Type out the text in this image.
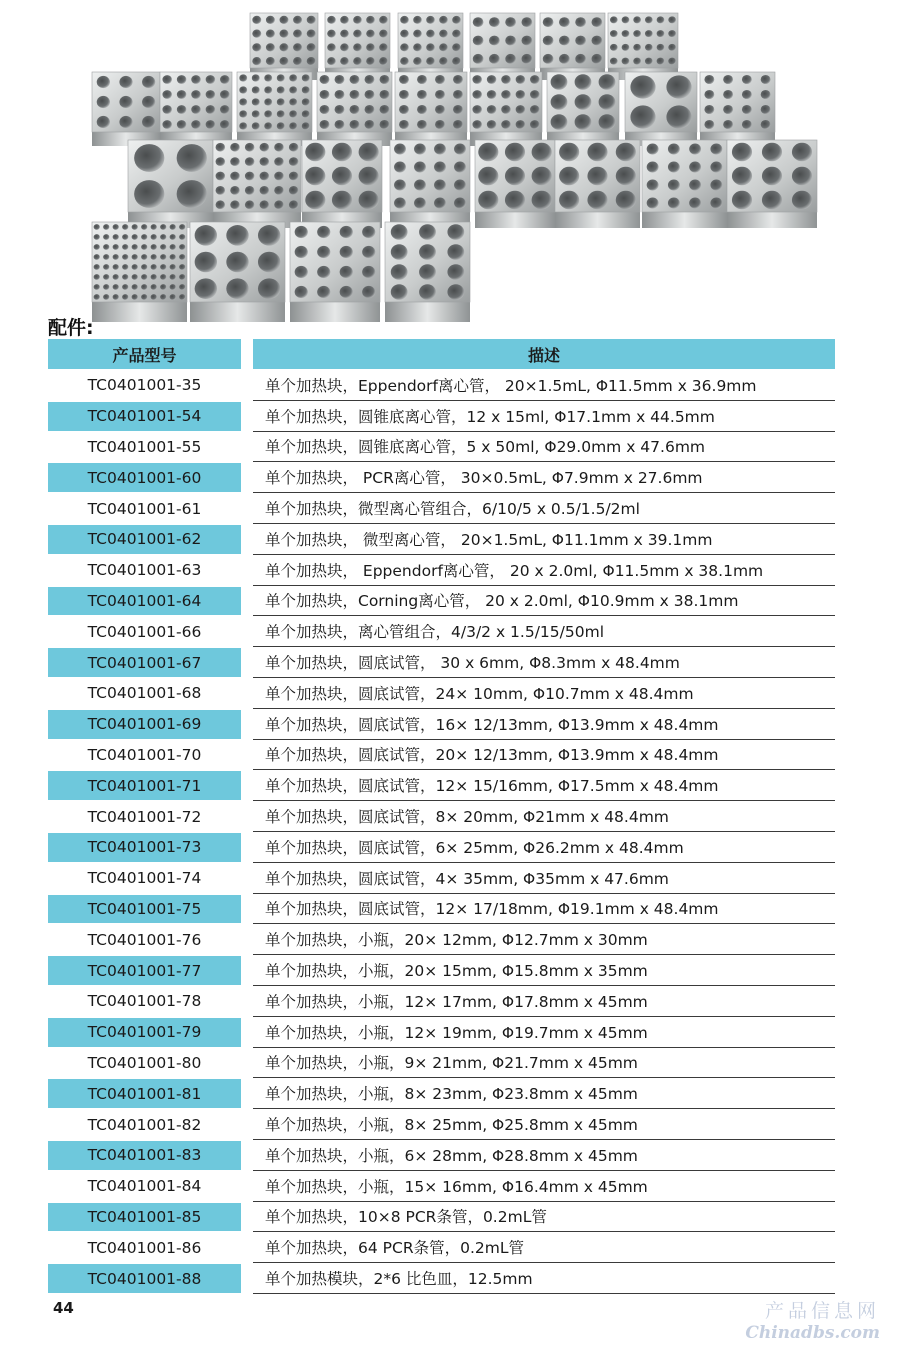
配件:
产品型号	描述
TC0401001-35	单个加热块，Eppendorf离心管， 20×1.5mL, Φ11.5mm x 36.9mm
TC0401001-54	单个加热块，圆锥底离心管，12 x 15ml, Φ17.1mm x 44.5mm
TC0401001-55	单个加热块，圆锥底离心管，5 x 50ml, Φ29.0mm x 47.6mm
TC0401001-60	单个加热块， PCR离心管， 30×0.5mL, Φ7.9mm x 27.6mm
TC0401001-61	单个加热块，微型离心管组合，6/10/5 x 0.5/1.5/2ml
TC0401001-62	单个加热块， 微型离心管， 20×1.5mL, Φ11.1mm x 39.1mm
TC0401001-63	单个加热块， Eppendorf离心管， 20 x 2.0ml, Φ11.5mm x 38.1mm
TC0401001-64	单个加热块，Corning离心管， 20 x 2.0ml, Φ10.9mm x 38.1mm
TC0401001-66	单个加热块，离心管组合，4/3/2 x 1.5/15/50ml
TC0401001-67	单个加热块，圆底试管， 30 x 6mm, Φ8.3mm x 48.4mm
TC0401001-68	单个加热块，圆底试管，24× 10mm, Φ10.7mm x 48.4mm
TC0401001-69	单个加热块，圆底试管，16× 12/13mm, Φ13.9mm x 48.4mm
TC0401001-70	单个加热块，圆底试管，20× 12/13mm, Φ13.9mm x 48.4mm
TC0401001-71	单个加热块，圆底试管，12× 15/16mm, Φ17.5mm x 48.4mm
TC0401001-72	单个加热块，圆底试管，8× 20mm, Φ21mm x 48.4mm
TC0401001-73	单个加热块，圆底试管，6× 25mm, Φ26.2mm x 48.4mm
TC0401001-74	单个加热块，圆底试管，4× 35mm, Φ35mm x 47.6mm
TC0401001-75	单个加热块，圆底试管，12× 17/18mm, Φ19.1mm x 48.4mm
TC0401001-76	单个加热块，小瓶，20× 12mm, Φ12.7mm x 30mm
TC0401001-77	单个加热块，小瓶，20× 15mm, Φ15.8mm x 35mm
TC0401001-78	单个加热块，小瓶，12× 17mm, Φ17.8mm x 45mm
TC0401001-79	单个加热块，小瓶，12× 19mm, Φ19.7mm x 45mm
TC0401001-80	单个加热块，小瓶，9× 21mm, Φ21.7mm x 45mm
TC0401001-81	单个加热块，小瓶，8× 23mm, Φ23.8mm x 45mm
TC0401001-82	单个加热块，小瓶，8× 25mm, Φ25.8mm x 45mm
TC0401001-83	单个加热块，小瓶，6× 28mm, Φ28.8mm x 45mm
TC0401001-84	单个加热块，小瓶，15× 16mm, Φ16.4mm x 45mm
TC0401001-85	单个加热块，10×8 PCR条管，0.2mL管
TC0401001-86	单个加热块，64 PCR条管，0.2mL管
TC0401001-88	单个加热模块，2*6 比色皿，12.5mm
44	产品信息网
Chinadbs.com
